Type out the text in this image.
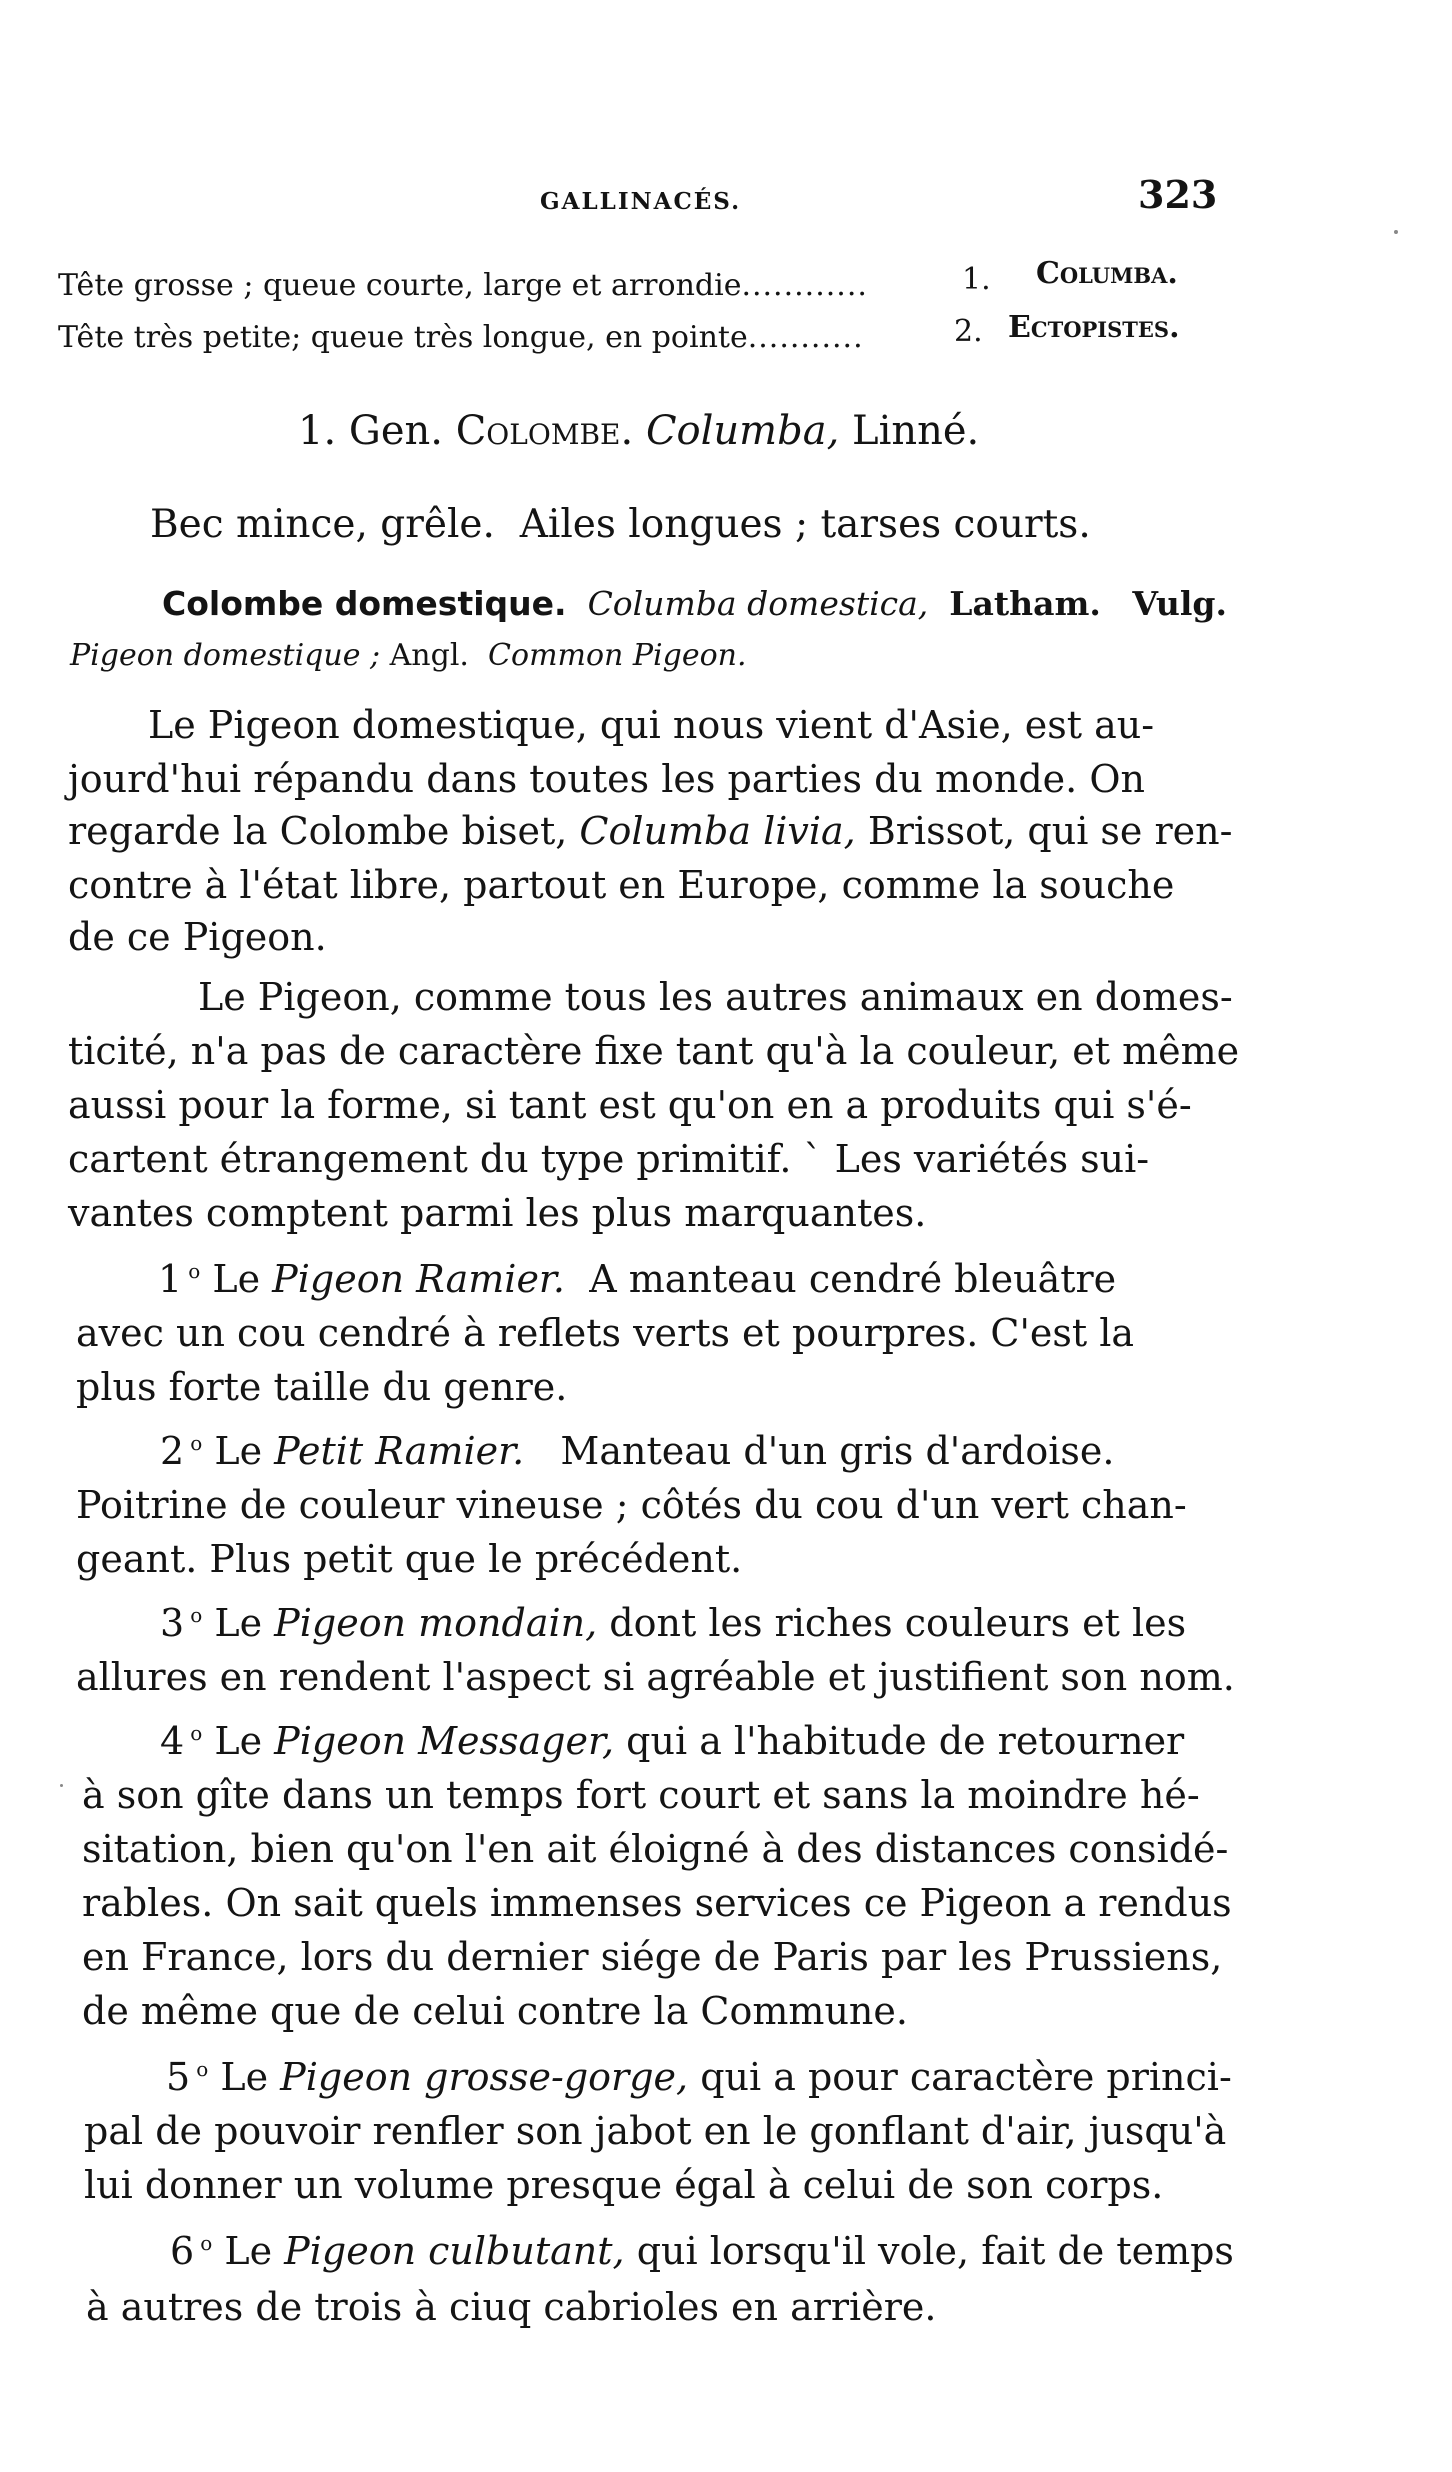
GALLINACÉS.	323
Tête grosse ; queue courte, large et arrondie............	1. Columba.
Tête très petite; queue très longue, en pointe...........	2. Ectopistes.
1. Gen. Colombe. Columba, Linné.
Bec mince, grêle.  Ailes longues ; tarses courts.
Colombe domestique. Columba domestica, Latham. Vulg.
Pigeon domestique ; Angl. Common Pigeon.
Le Pigeon domestique, qui nous vient d'Asie, est au-
jourd'hui répandu dans toutes les parties du monde. On
regarde la Colombe biset, Columba livia, Brissot, qui se ren-
contre à l'état libre, partout en Europe, comme la souche
de ce Pigeon.
Le Pigeon, comme tous les autres animaux en domes-
ticité, n'a pas de caractère fixe tant qu'à la couleur, et même
aussi pour la forme, si tant est qu'on en a produits qui s'é-
cartent étrangement du type primitif. ` Les variétés sui-
vantes comptent parmi les plus marquantes.
1 $^o$ Le Pigeon Ramier. A manteau cendré bleuâtre
avec un cou cendré à reflets verts et pourpres. C'est la
plus forte taille du genre.
2 $^o$ Le Petit Ramier. Manteau d'un gris d'ardoise.
Poitrine de couleur vineuse ; côtés du cou d'un vert chan-
geant. Plus petit que le précédent.
3 $^o$ Le Pigeon mondain, dont les riches couleurs et les
allures en rendent l'aspect si agréable et justifient son nom.
4 $^o$ Le Pigeon Messager, qui a l'habitude de retourner
à son gîte dans un temps fort court et sans la moindre hé-
sitation, bien qu'on l'en ait éloigné à des distances considé-
rables. On sait quels immenses services ce Pigeon a rendus
en France, lors du dernier siége de Paris par les Prussiens,
de même que de celui contre la Commune.
5 $^o$ Le Pigeon grosse-gorge, qui a pour caractère princi-
pal de pouvoir renfler son jabot en le gonflant d'air, jusqu'à
lui donner un volume presque égal à celui de son corps.
6 $^o$ Le Pigeon culbutant, qui lorsqu'il vole, fait de temps
à autres de trois à ciuq cabrioles en arrière.
